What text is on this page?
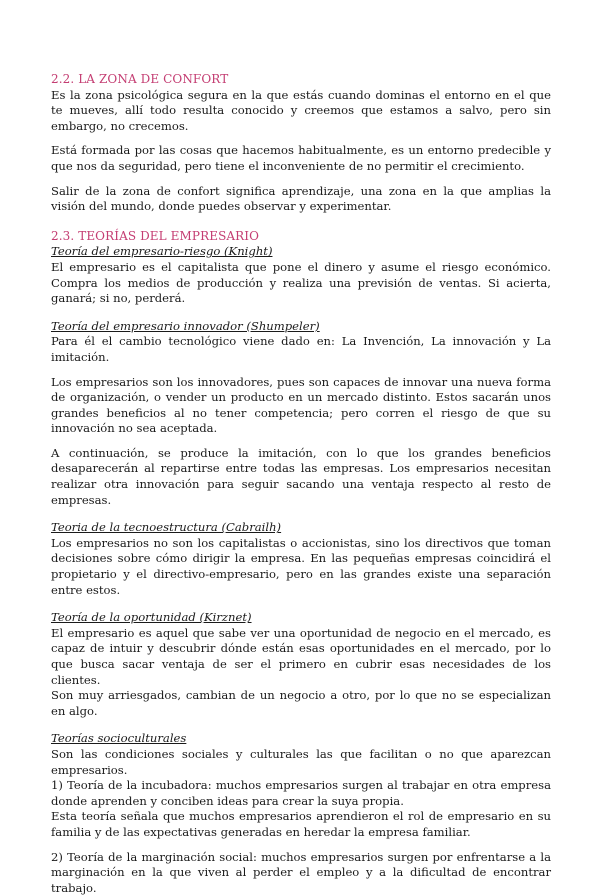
2.2. LA ZONA DE CONFORT

Es la zona psicológica segura en la que estás cuando dominas el entorno en el que te mueves, allí todo resulta conocido y creemos que estamos a salvo, pero sin embargo, no crecemos.

Está formada por las cosas que hacemos habitualmente, es un entorno predecible y que nos da seguridad, pero tiene el inconveniente de no permitir el crecimiento.

Salir de la zona de confort significa aprendizaje, una zona en la que amplias la visión del mundo, donde puedes observar y experimentar.

2.3. TEORÍAS DEL EMPRESARIO
Teoría del empresario-riesgo (Knight)

El empresario es el capitalista que pone el dinero y asume el riesgo económico. Compra los medios de producción y realiza una previsión de ventas. Si acierta, ganará; si no, perderá.

Teoría del empresario innovador (Shumpeler)

Para él el cambio tecnológico viene dado en: La Invención, La innovación y La imitación.

Los empresarios son los innovadores, pues son capaces de innovar una nueva forma de organización, o vender un producto en un mercado distinto. Estos sacarán unos grandes beneficios al no tener competencia; pero corren el riesgo de que su innovación no sea aceptada.

A continuación, se produce la imitación, con lo que los grandes beneficios desaparecerán al repartirse entre todas las empresas. Los empresarios necesitan realizar otra innovación para seguir sacando una ventaja respecto al resto de empresas.

Teoria de la tecnoestructura (Cabrailh)

Los empresarios no son los capitalistas o accionistas, sino los directivos que toman decisiones sobre cómo dirigir la empresa. En las pequeñas empresas coincidirá el propietario y el directivo-empresario, pero en las grandes existe una separación entre estos.

Teoría de la oportunidad (Kirznet)

El empresario es aquel que sabe ver una oportunidad de negocio en el mercado, es capaz de intuir y descubrir dónde están esas oportunidades en el mercado, por lo que busca sacar ventaja de ser el primero en cubrir esas necesidades de los clientes.

Son muy arriesgados, cambian de un negocio a otro, por lo que no se especializan en algo.

Teorías socioculturales

Son las condiciones sociales y culturales las que facilitan o no que aparezcan empresarios.

1) Teoría de la incubadora: muchos empresarios surgen al trabajar en otra empresa donde aprenden y conciben ideas para crear la suya propia.

Esta teoría señala que muchos empresarios aprendieron el rol de empresario en su familia y de las expectativas generadas en heredar la empresa familiar.

2) Teoría de la marginación social: muchos empresarios surgen por enfrentarse a la marginación en la que viven al perder el empleo y a la dificultad de encontrar trabajo.
